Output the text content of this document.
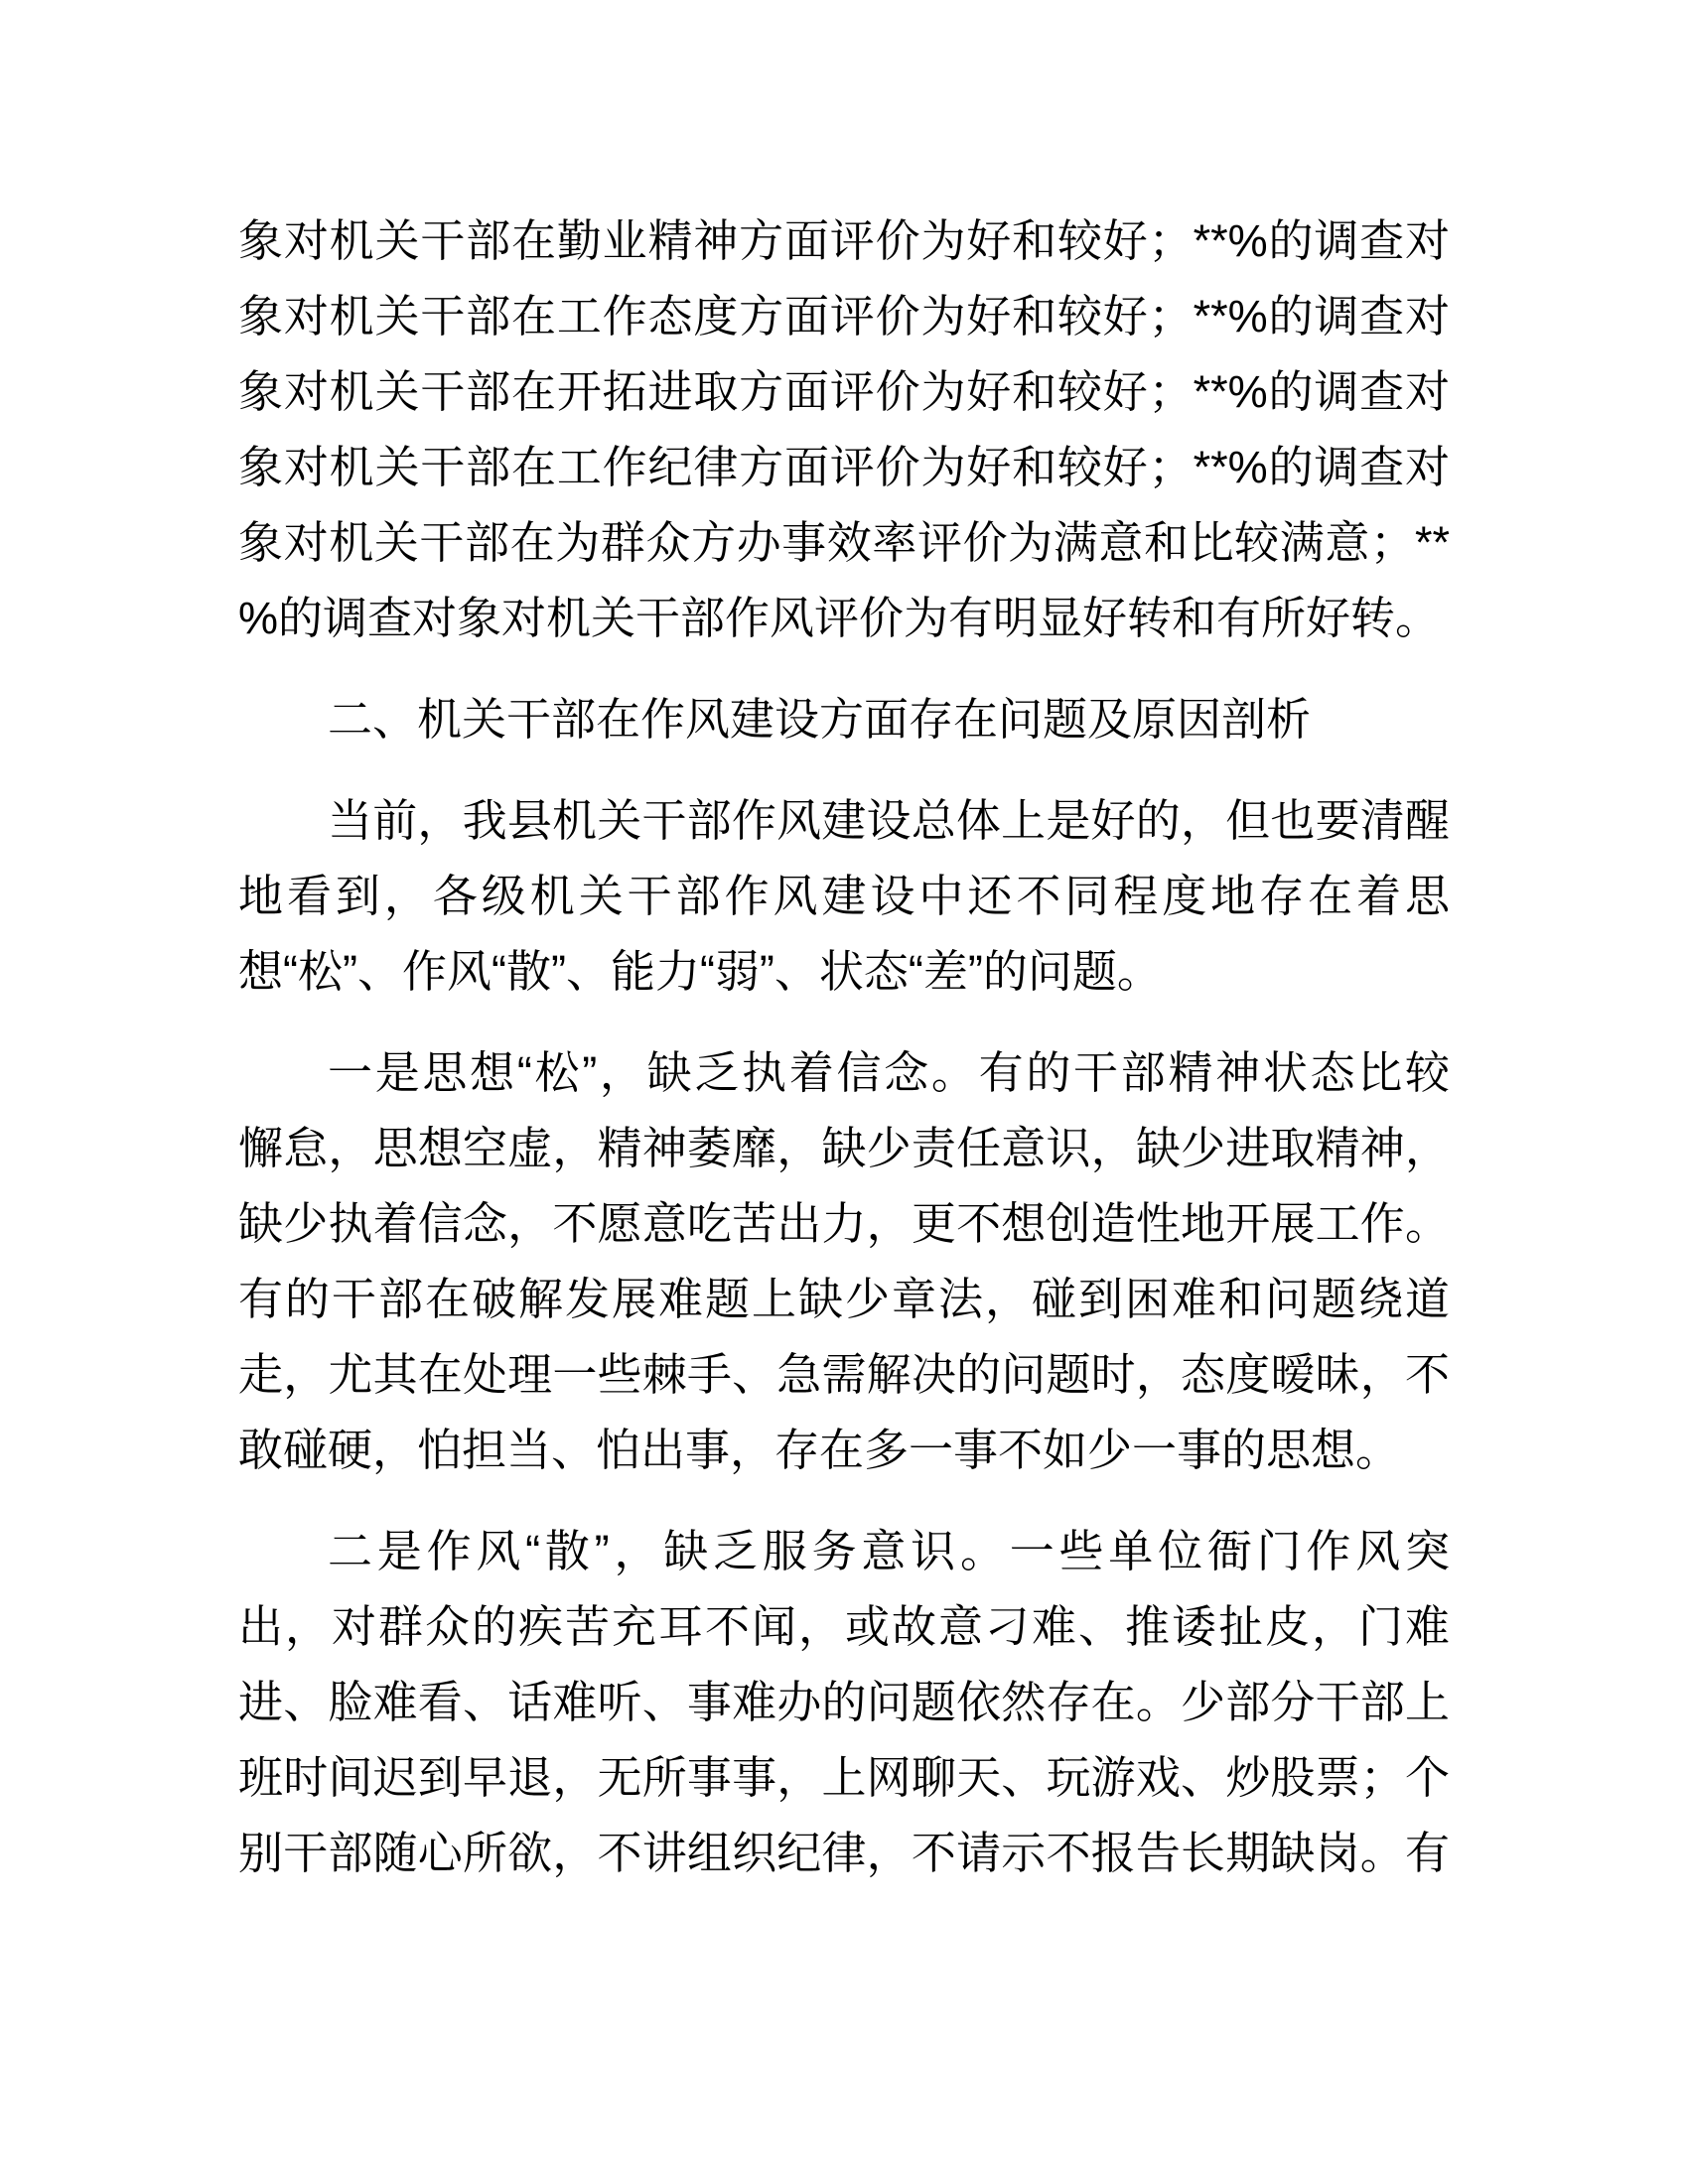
象对机关干部在勤业精神方面评价为好和较好；**%的调查对
象对机关干部在工作态度方面评价为好和较好；**%的调查对
象对机关干部在开拓进取方面评价为好和较好；**%的调查对
象对机关干部在工作纪律方面评价为好和较好；**%的调查对
象对机关干部在为群众方办事效率评价为满意和比较满意；**
%的调查对象对机关干部作风评价为有明显好转和有所好转。
二、机关干部在作风建设方面存在问题及原因剖析
当前，我县机关干部作风建设总体上是好的，但也要清醒
地看到，各级机关干部作风建设中还不同程度地存在着思
想“松”、作风“散”、能力“弱”、状态“差”的问题。
一是思想“松”，缺乏执着信念。有的干部精神状态比较
懈怠，思想空虚，精神萎靡，缺少责任意识，缺少进取精神，
缺少执着信念，不愿意吃苦出力，更不想创造性地开展工作。
有的干部在破解发展难题上缺少章法，碰到困难和问题绕道
走，尤其在处理一些棘手、急需解决的问题时，态度暧昧，不
敢碰硬，怕担当、怕出事，存在多一事不如少一事的思想。
二是作风“散”，缺乏服务意识。一些单位衙门作风突
出，对群众的疾苦充耳不闻，或故意刁难、推诿扯皮，门难
进、脸难看、话难听、事难办的问题依然存在。少部分干部上
班时间迟到早退，无所事事，上网聊天、玩游戏、炒股票；个
别干部随心所欲，不讲组织纪律，不请示不报告长期缺岗。有
